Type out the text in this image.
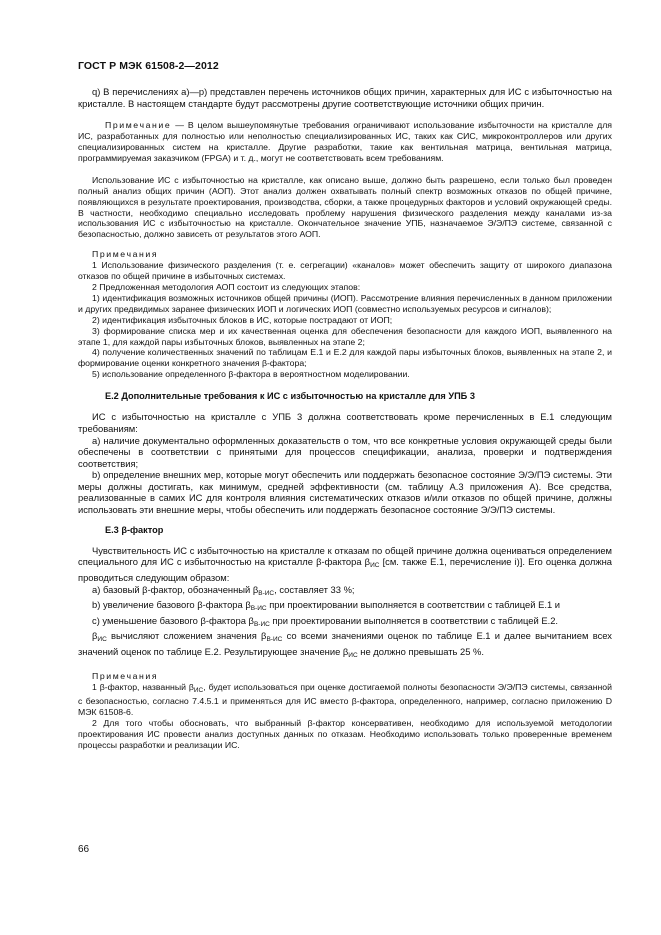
ГОСТ Р МЭК 61508-2—2012

q) В перечислениях а)—р) представлен перечень источников общих причин, характерных для ИС с избыточностью на кристалле. В настоящем стандарте будут рассмотрены другие соответствующие источники общих причин.

Примечание — В целом вышеупомянутые требования ограничивают использование избыточности на кристалле для ИС, разработанных для полностью или неполностью специализированных ИС, таких как СИС, микроконтроллеров или других специализированных систем на кристалле. Другие разработки, такие как вентильная матрица, вентильная матрица, программируемая заказчиком (FPGA) и т. д., могут не соответствовать всем требованиям.

Использование ИС с избыточностью на кристалле, как описано выше, должно быть разрешено, если только был проведен полный анализ общих причин (АОП). Этот анализ должен охватывать полный спектр возможных отказов по общей причине, появляющихся в результате проектирования, производства, сборки, а также процедурных факторов и условий окружающей среды. В частности, необходимо специально исследовать проблему нарушения физического разделения между каналами из-за использования ИС с избыточностью на кристалле. Окончательное значение УПБ, назначаемое Э/Э/ПЭ системе, связанной с безопасностью, должно зависеть от результатов этого АОП.

Примечания

1 Использование физического разделения (т. е. сегрегации) «каналов» может обеспечить защиту от широкого диапазона отказов по общей причине в избыточных системах.

2 Предложенная методология АОП состоит из следующих этапов:

1) идентификация возможных источников общей причины (ИОП). Рассмотрение влияния перечисленных в данном приложении и других предвидимых заранее физических ИОП и логических ИОП (совместно используемых ресурсов и сигналов);

2) идентификация избыточных блоков в ИС, которые пострадают от ИОП;

3) формирование списка мер и их качественная оценка для обеспечения безопасности для каждого ИОП, выявленного на этапе 1, для каждой пары избыточных блоков, выявленных на этапе 2;

4) получение количественных значений по таблицам Е.1 и Е.2 для каждой пары избыточных блоков, выявленных на этапе 2, и формирование оценки конкретного значения β-фактора;

5) использование определенного β-фактора в вероятностном моделировании.

Е.2 Дополнительные требования к ИС с избыточностью на кристалле для УПБ 3

ИС с избыточностью на кристалле с УПБ 3 должна соответствовать кроме перечисленных в Е.1 следующим требованиям:

а) наличие документально оформленных доказательств о том, что все конкретные условия окружающей среды были обеспечены в соответствии с принятыми для процессов спецификации, анализа, проверки и подтверждения соответствия;

b) определение внешних мер, которые могут обеспечить или поддержать безопасное состояние Э/Э/ПЭ системы. Эти меры должны достигать, как минимум, средней эффективности (см. таблицу А.3 приложения А). Все средства, реализованные в самих ИС для контроля влияния систематических отказов и/или отказов по общей причине, должны использовать эти внешние меры, чтобы обеспечить или поддержать безопасное состояние Э/Э/ПЭ системы.

Е.3 β-фактор

Чувствительность ИС с избыточностью на кристалле к отказам по общей причине должна оцениваться определением специального для ИС с избыточностью на кристалле β-фактора $\beta_{ИС}$ [см. также Е.1, перечисление i)]. Его оценка должна проводиться следующим образом:

а) базовый β-фактор, обозначенный $\beta_{В-ИС}$, составляет 33 %;

b) увеличение базового β-фактора $\beta_{В-ИС}$ при проектировании выполняется в соответствии с таблицей Е.1 и

с) уменьшение базового β-фактора $\beta_{В-ИС}$ при проектировании выполняется в соответствии с таблицей Е.2.

$\beta_{ИС}$ вычисляют сложением значения $\beta_{В-ИС}$ со всеми значениями оценок по таблице Е.1 и далее вычитанием всех значений оценок по таблице Е.2. Результирующее значение $\beta_{ИС}$ не должно превышать 25 %.

Примечания

1 β-фактор, названный $\beta_{ИС}$, будет использоваться при оценке достигаемой полноты безопасности Э/Э/ПЭ системы, связанной с безопасностью, согласно 7.4.5.1 и применяться для ИС вместо β-фактора, определенного, например, согласно приложению D МЭК 61508-6.

2 Для того чтобы обосновать, что выбранный β-фактор консервативен, необходимо для используемой методологии проектирования ИС провести анализ доступных данных по отказам. Необходимо использовать только проверенные временем процессы разработки и реализации ИС.

66
